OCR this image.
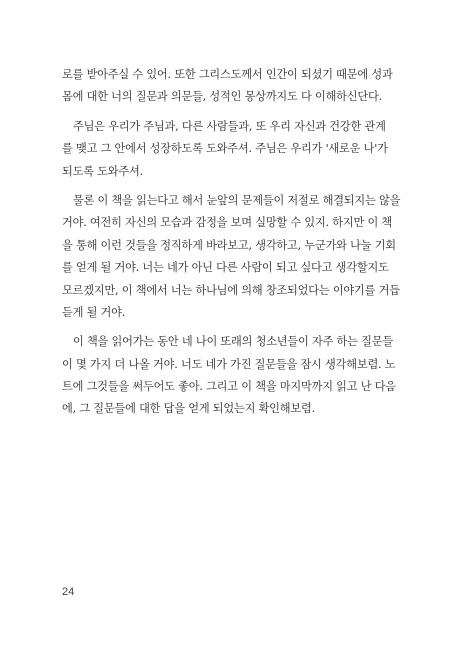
로를 받아주실 수 있어. 또한 그리스도께서 인간이 되셨기 때문에 성과
몸에 대한 너의 질문과 의문들, 성적인 몽상까지도 다 이해하신단다.

　주님은 우리가 주님과, 다른 사람들과, 또 우리 자신과 건강한 관계
를 맺고 그 안에서 성장하도록 도와주셔. 주님은 우리가 '새로운 나'가
되도록 도와주셔.

　물론 이 책을 읽는다고 해서 눈앞의 문제들이 저절로 해결되지는 않을
거야. 여전히 자신의 모습과 감정을 보며 실망할 수 있지. 하지만 이 책
을 통해 이런 것들을 정직하게 바라보고, 생각하고, 누군가와 나눌 기회
를 얻게 될 거야. 너는 네가 아닌 다른 사람이 되고 싶다고 생각할지도
모르겠지만, 이 책에서 너는 하나님에 의해 창조되었다는 이야기를 거듭
듣게 될 거야.

　이 책을 읽어가는 동안 네 나이 또래의 청소년들이 자주 하는 질문들
이 몇 가지 더 나올 거야. 너도 네가 가진 질문들을 잠시 생각해보렴. 노
트에 그것들을 써두어도 좋아. 그리고 이 책을 마지막까지 읽고 난 다음
에, 그 질문들에 대한 답을 얻게 되었는지 확인해보렴.

24
